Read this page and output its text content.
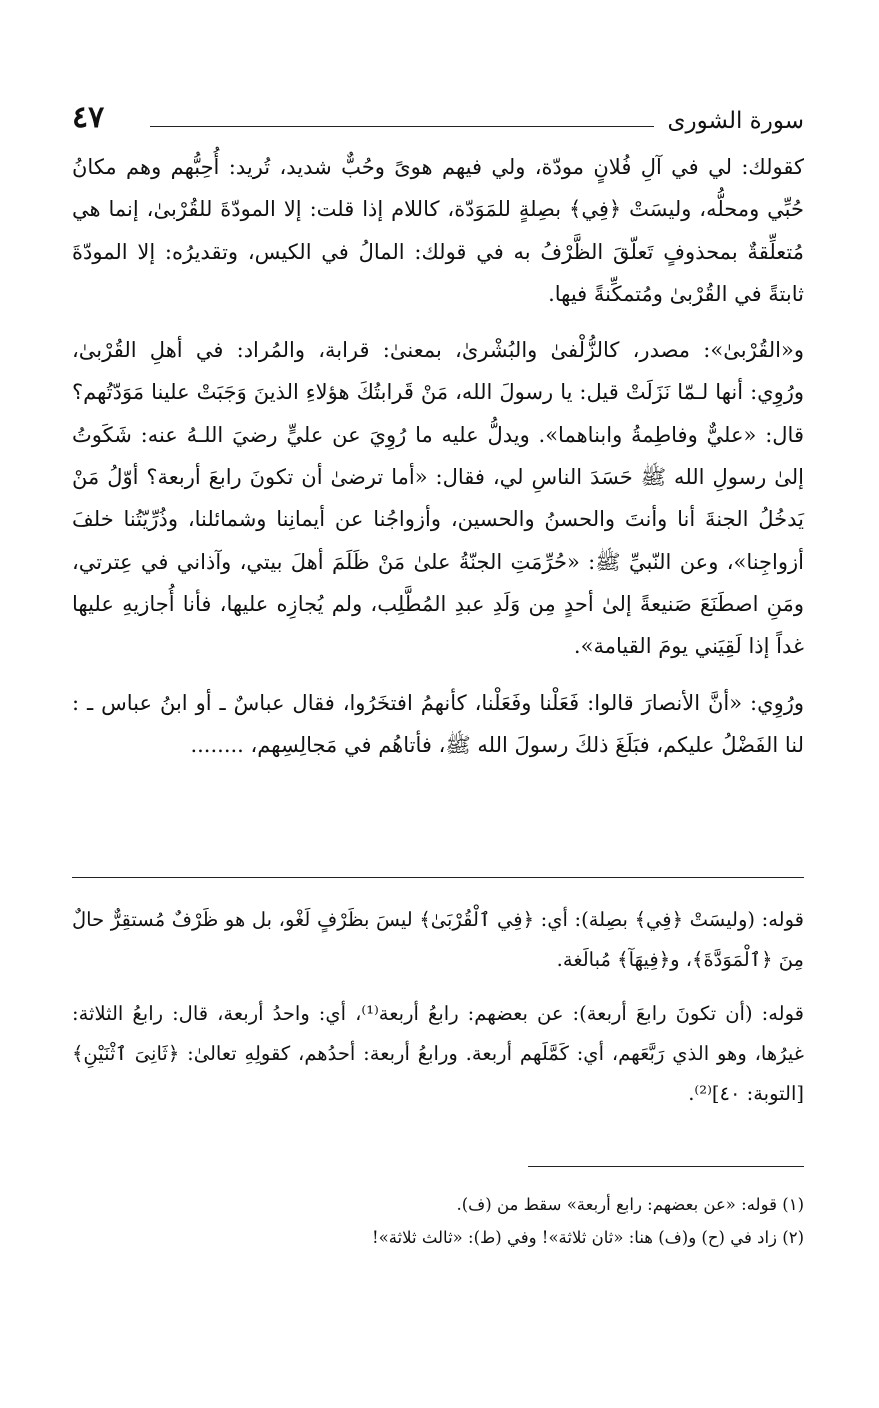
سورة الشورى
٤٧

كقولك: لي في آلِ فُلانٍ مودّة، ولي فيهم هوىً وحُبٌّ شديد، تُريد: أُحِبُّهم وهم مكانُ حُبِّي ومحلُّه، وليسَتْ ﴿فِي﴾ بصِلةٍ للمَوَدّة، كاللام إذا قلت: إلا المودّةَ للقُرْبىٰ، إنما هي مُتعلِّقةٌ بمحذوفٍ تَعلّقَ الظَّرْفُ به في قولك: المالُ في الكيس، وتقديرُه: إلا المودّةَ ثابتةً في القُرْبىٰ ومُتمكِّنةً فيها.

و«القُرْبىٰ»: مصدر، كالزُّلْفىٰ والبُشْرىٰ، بمعنىٰ: قرابة، والمُراد: في أهلِ القُرْبىٰ، ورُوِي: أنها لـمّا نَزَلَتْ قيل: يا رسولَ الله، مَنْ قَرابتُكَ هؤلاءِ الذينَ وَجَبَتْ علينا مَوَدّتُهم؟ قال: «عليٌّ وفاطِمةُ وابناهما». ويدلُّ عليه ما رُوِيَ عن عليٍّ رضيَ اللـهُ عنه: شَكَوتُ إلىٰ رسولِ الله ﷺ حَسَدَ الناسِ لي، فقال: «أما ترضىٰ أن تكونَ رابعَ أربعة؟ أوّلُ مَنْ يَدخُلُ الجنةَ أنا وأنتَ والحسنُ والحسين، وأزواجُنا عن أيمانِنا وشمائلنا، وذُرِّيّتُنا خلفَ أزواجِنا»، وعن النّبيِّ ﷺ: «حُرِّمَتِ الجنّةُ علىٰ مَنْ ظَلَمَ أهلَ بيتي، وآذاني في عِترتي، ومَنِ اصطَنَعَ صَنيعةً إلىٰ أحدٍ مِن وَلَدِ عبدِ المُطَّلِب، ولم يُجازِه عليها، فأنا أُجازيهِ عليها غداً إذا لَقِيَني يومَ القيامة».

ورُوِي: «أنَّ الأنصارَ قالوا: فَعَلْنا وفَعَلْنا، كأنهمُ افتخَرُوا، فقال عباسٌ ـ أو ابنُ عباس ـ : لنا الفَضْلُ عليكم، فبَلَغَ ذلكَ رسولَ الله ﷺ، فأتاهُم في مَجالِسِهم، ........

قوله: (وليسَتْ ﴿فِي﴾ بصِلة): أي: ﴿فِي ٱلْقُرْبَىٰ﴾ ليسَ بظَرْفٍ لَغْو، بل هو ظَرْفٌ مُستقِرٌّ حالٌ مِنَ ﴿ٱلْمَوَدَّةَ﴾، و﴿فِيهَآ﴾ مُبالَغة.

قوله: (أن تكونَ رابعَ أربعة): عن بعضهم: رابعُ أربعة⁽¹⁾، أي: واحدُ أربعة، قال: رابعُ الثلاثة: غيرُها، وهو الذي رَبَّعَهم، أي: كَمَّلَهم أربعة. ورابعُ أربعة: أحدُهم، كقولِهِ تعالىٰ: ﴿ثَانِىَ ٱثْنَيْنِ﴾ [التوبة: ٤٠]⁽²⁾.

(١) قوله: «عن بعضهم: رابع أربعة» سقط من (ف).
(٢) زاد في (ح) و(ف) هنا: «ثان ثلاثة»! وفي (ط): «ثالث ثلاثة»!
